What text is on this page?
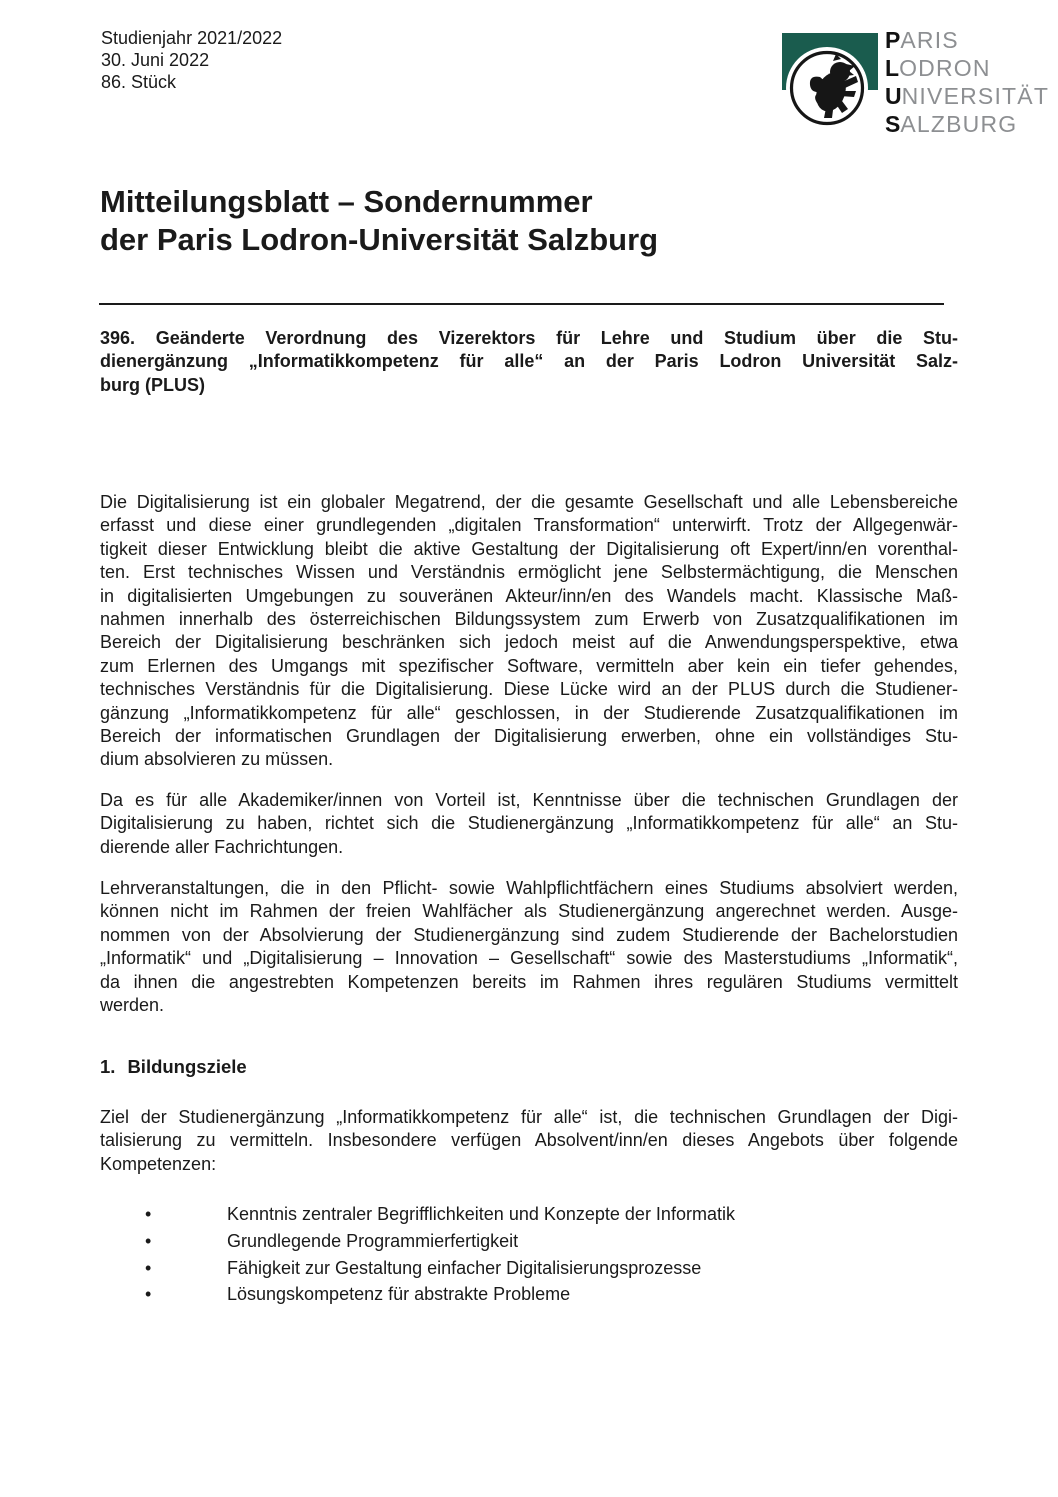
Studienjahr 2021/2022
30. Juni 2022
86. Stück
PARIS
LODRON
UNIVERSITÄT
SALZBURG
Mitteilungsblatt – Sondernummer
der Paris Lodron-Universität Salzburg
396. Geänderte Verordnung des Vizerektors für Lehre und Studium über die Stu-
dienergänzung „Informatikkompetenz für alle“ an der Paris Lodron Universität Salz-
burg (PLUS)
Die Digitalisierung ist ein globaler Megatrend, der die gesamte Gesellschaft und alle Lebensbereiche
erfasst und diese einer grundlegenden „digitalen Transformation“ unterwirft. Trotz der Allgegenwär-
tigkeit dieser Entwicklung bleibt die aktive Gestaltung der Digitalisierung oft Expert/inn/en vorenthal-
ten. Erst technisches Wissen und Verständnis ermöglicht jene Selbstermächtigung, die Menschen
in digitalisierten Umgebungen zu souveränen Akteur/inn/en des Wandels macht. Klassische Maß-
nahmen innerhalb des österreichischen Bildungssystem zum Erwerb von Zusatzqualifikationen im
Bereich der Digitalisierung beschränken sich jedoch meist auf die Anwendungsperspektive, etwa
zum Erlernen des Umgangs mit spezifischer Software, vermitteln aber kein ein tiefer gehendes,
technisches Verständnis für die Digitalisierung. Diese Lücke wird an der PLUS durch die Studiener-
gänzung „Informatikkompetenz für alle“ geschlossen, in der Studierende Zusatzqualifikationen im
Bereich der informatischen Grundlagen der Digitalisierung erwerben, ohne ein vollständiges Stu-
dium absolvieren zu müssen.
Da es für alle Akademiker/innen von Vorteil ist, Kenntnisse über die technischen Grundlagen der
Digitalisierung zu haben, richtet sich die Studienergänzung „Informatikkompetenz für alle“ an Stu-
dierende aller Fachrichtungen.
Lehrveranstaltungen, die in den Pflicht- sowie Wahlpflichtfächern eines Studiums absolviert werden,
können nicht im Rahmen der freien Wahlfächer als Studienergänzung angerechnet werden. Ausge-
nommen von der Absolvierung der Studienergänzung sind zudem Studierende der Bachelorstudien
„Informatik“ und „Digitalisierung – Innovation – Gesellschaft“ sowie des Masterstudiums „Informatik“,
da ihnen die angestrebten Kompetenzen bereits im Rahmen ihres regulären Studiums vermittelt
werden.
1. Bildungsziele
Ziel der Studienergänzung „Informatikkompetenz für alle“ ist, die technischen Grundlagen der Digi-
talisierung zu vermitteln. Insbesondere verfügen Absolvent/inn/en dieses Angebots über folgende
Kompetenzen:
•	Kenntnis zentraler Begrifflichkeiten und Konzepte der Informatik
•	Grundlegende Programmierfertigkeit
•	Fähigkeit zur Gestaltung einfacher Digitalisierungsprozesse
•	Lösungskompetenz für abstrakte Probleme
